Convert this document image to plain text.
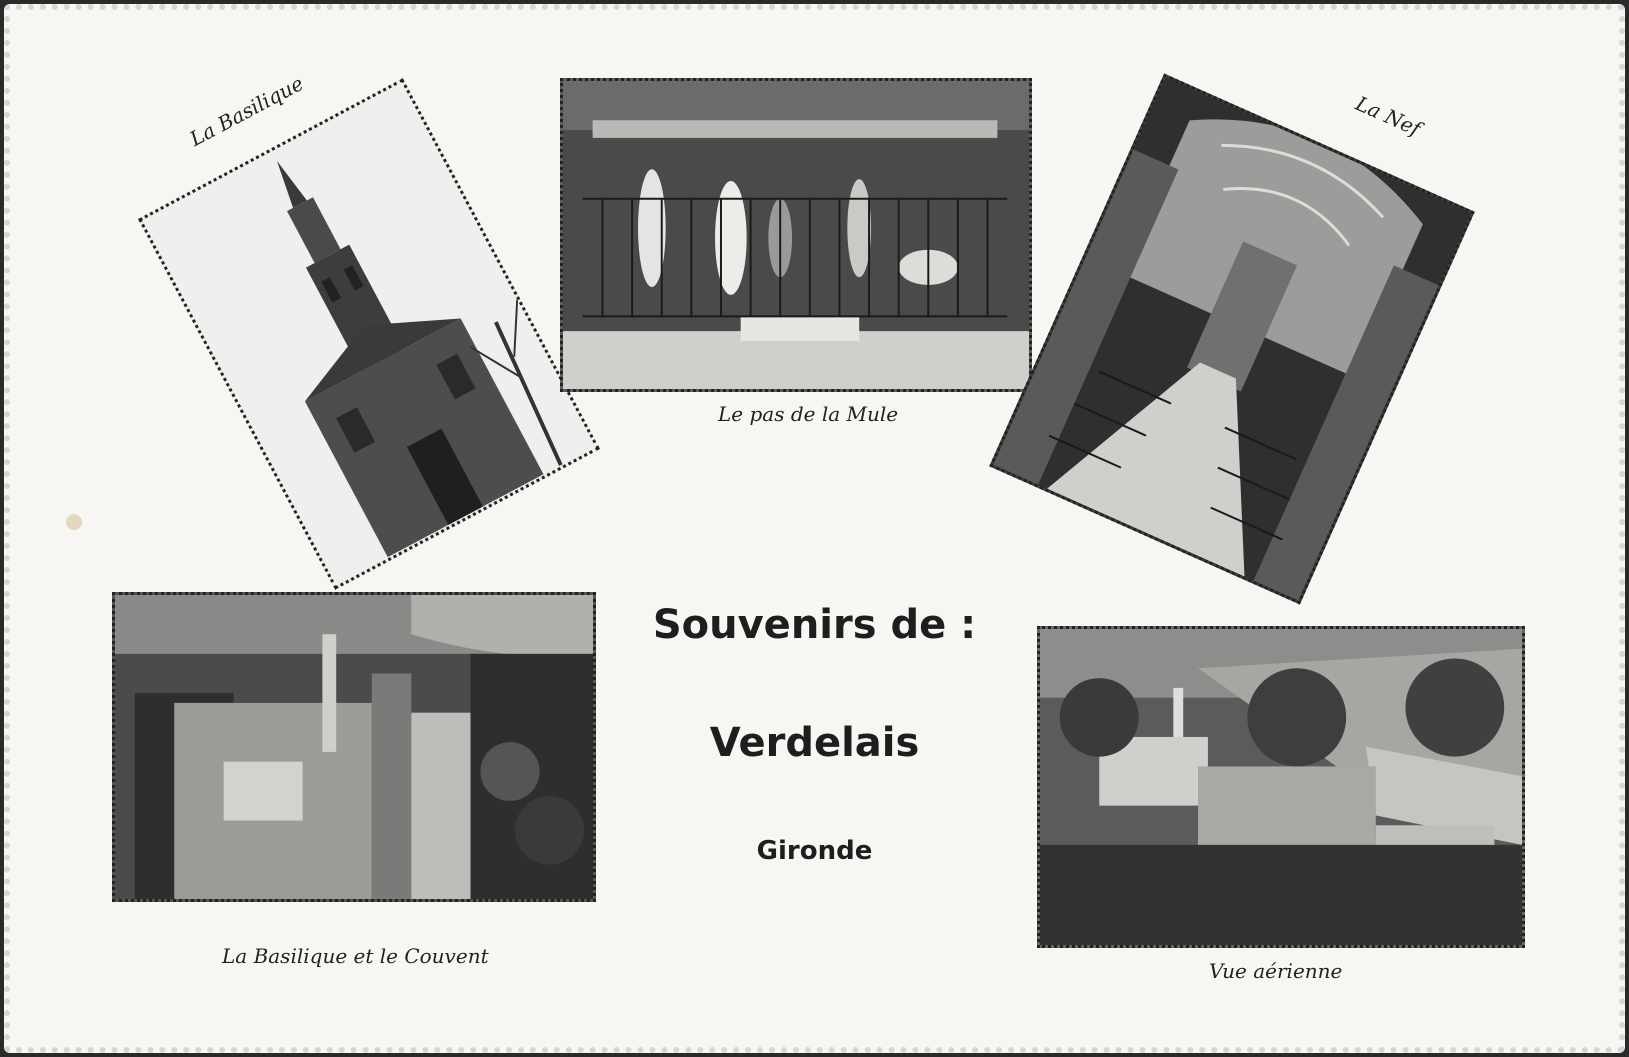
La Basilique
Le pas de la Mule
La Nef
La Basilique et le Couvent
Vue aérienne
Souvenirs de :
Verdelais
Gironde
